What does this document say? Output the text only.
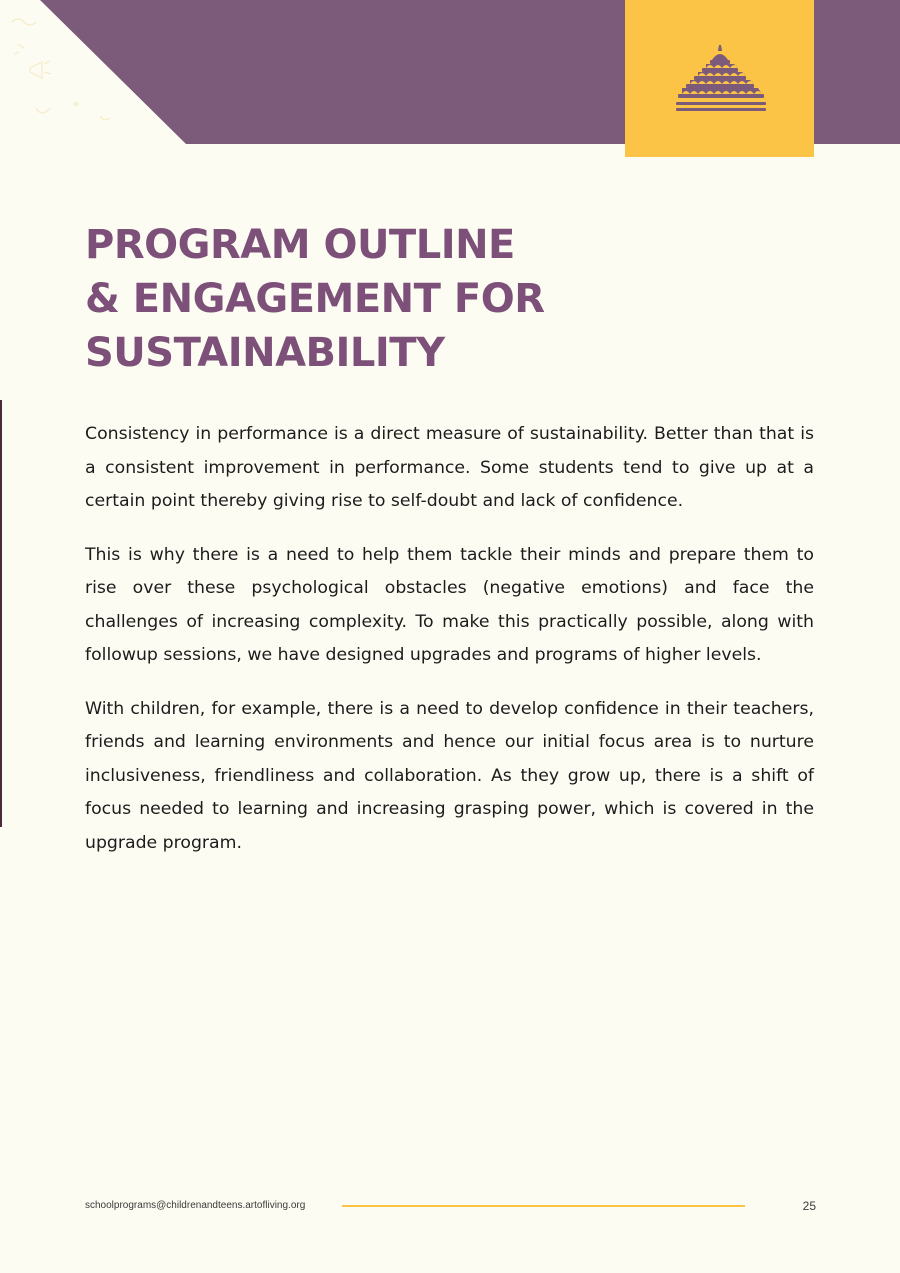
PROGRAM OUTLINE
& ENGAGEMENT FOR
SUSTAINABILITY

Consistency in performance is a direct measure of sustainability. Better than that is a consistent improvement in performance. Some students tend to give up at a certain point thereby giving rise to self-doubt and lack of confidence.

This is why there is a need to help them tackle their minds and prepare them to rise over these psychological obstacles (negative emotions) and face the challenges of increasing complexity. To make this practically possible, along with followup sessions, we have designed upgrades and programs of higher levels.

With children, for example, there is a need to develop confidence in their teachers, friends and learning environments and hence our initial focus area is to nurture inclusiveness, friendliness and collaboration. As they grow up, there is a shift of focus needed to learning and increasing grasping power, which is covered in the upgrade program.

schoolprograms@childrenandteens.artofliving.org	25
